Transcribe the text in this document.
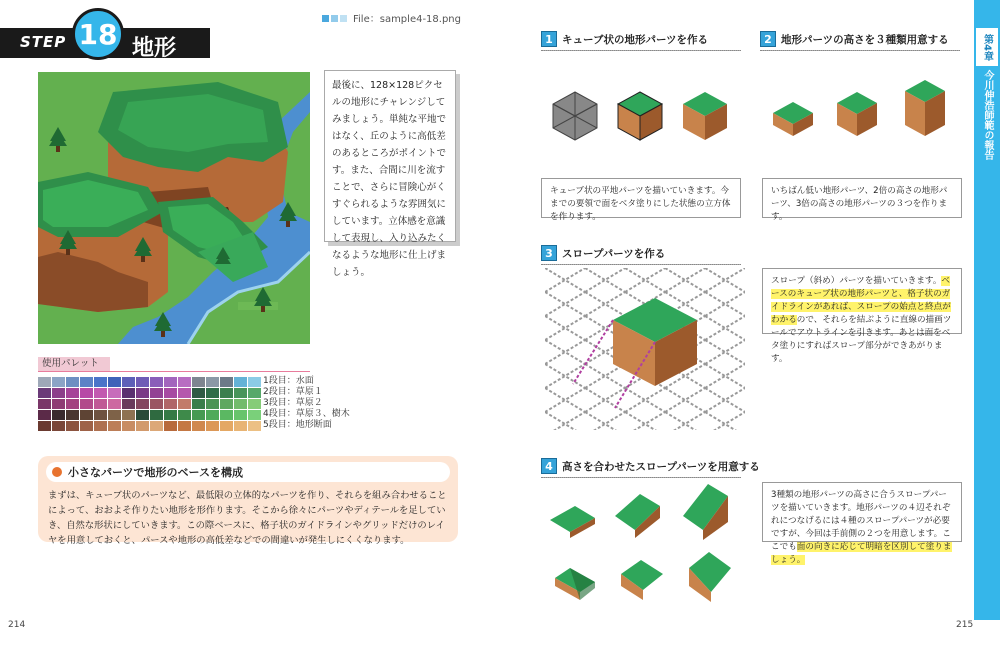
STEP 18 地形
File：sample4-18.png
最後に、128×128ピクセルの地形にチャレンジしてみましょう。単純な平地ではなく、丘のように高低差のあるところがポイントです。また、合間に川を流すことで、さらに冒険心がくすぐられるような雰囲気にしています。立体感を意識して表現し、入り込みたくなるような地形に仕上げましょう。
使用パレット
1段目：水面
2段目：草原１
3段目：草原２
4段目：草原３、樹木
5段目：地形断面
小さなパーツで地形のベースを構成
まずは、キューブ状のパーツなど、最低限の立体的なパーツを作り、それらを組み合わせることによって、おおよそ作りたい地形を形作ります。そこから徐々にパーツやディテールを足していき、自然な形状にしていきます。この際ベースに、格子状のガイドラインやグリッドだけのレイヤを用意しておくと、パースや地形の高低差などでの間違いが発生しにくくなります。
214
1 キューブ状の地形パーツを作る
キューブ状の平地パーツを描いていきます。今までの要領で面をベタ塗りにした状態の立方体を作ります。
2 地形パーツの高さを３種類用意する
いちばん低い地形パーツ、2倍の高さの地形パーツ、3倍の高さの地形パーツの３つを作ります。
3 スロープパーツを作る
スロープ（斜め）パーツを描いていきます。ベースのキューブ状の地形パーツと、格子状のガイドラインがあれば、スロープの始点と終点がわかるので、それらを結ぶように直線の描画ツールでアウトラインを引きます。あとは面をベタ塗りにすればスロープ部分ができあがります。
4 高さを合わせたスロープパーツを用意する
3種類の地形パーツの高さに合うスロープパーツを描いていきます。地形パーツの４辺それぞれにつなげるには４種のスロープパーツが必要ですが、今回は手前側の２つを用意します。ここでも面の向きに応じて明暗を区別して塗りましょう。
215
第4章
今川伸浩師範の報告
